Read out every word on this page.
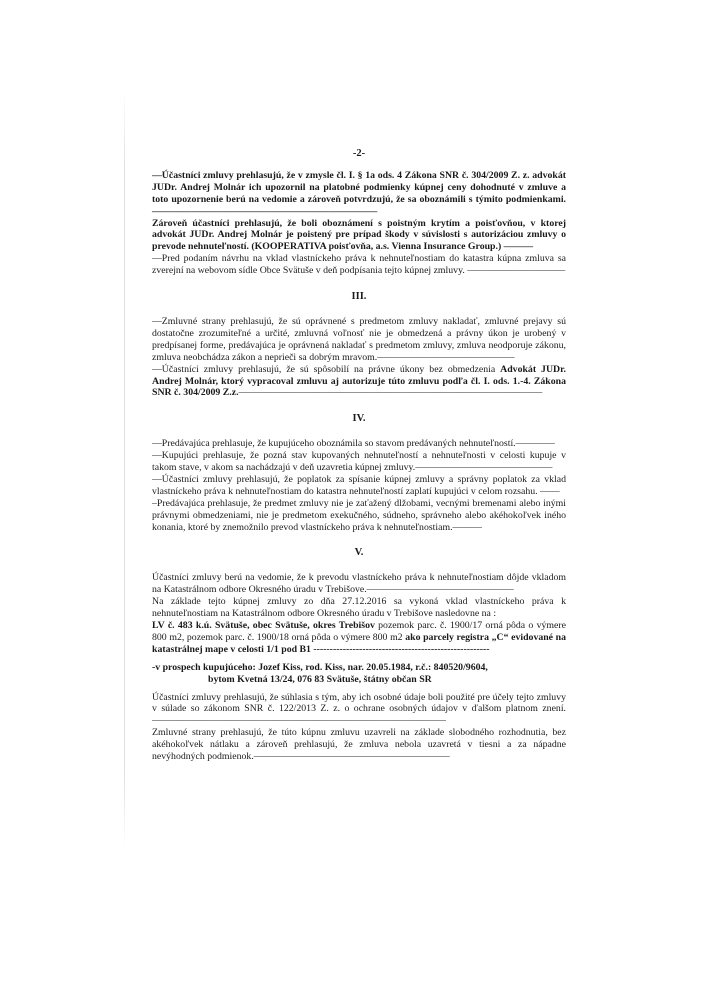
-2-

—Účastníci zmluvy prehlasujú, že v zmysle čl. I. § 1a ods. 4 Zákona SNR č. 304/2009 Z. z. advokát JUDr. Andrej Molnár ich upozornil na platobné podmienky kúpnej ceny dohodnuté v zmluve a toto upozornenie berú na vedomie a zároveň potvrdzujú, že sa oboznámili s týmito podmienkami.———————————————————————

Zároveň účastníci prehlasujú, že boli oboznámení s poistným krytím a poisťovňou, v ktorej advokát JUDr. Andrej Molnár je poistený pre prípad škody v súvislosti s autorizáciou zmluvy o prevode nehnuteľností. (KOOPERATIVA poisťovňa, a.s. Vienna Insurance Group.) ———

—Pred podaním návrhu na vklad vlastníckeho práva k nehnuteľnostiam do katastra kúpna zmluva sa zverejní na webovom sídle Obce Svätuše v deň podpísania tejto kúpnej zmluvy. ——————————

III.

—Zmluvné strany prehlasujú, že sú oprávnené s predmetom zmluvy nakladať, zmluvné prejavy sú dostatočne zrozumiteľné a určité, zmluvná voľnosť nie je obmedzená a právny úkon je urobený v predpísanej forme, predávajúca je oprávnená nakladať s predmetom zmluvy, zmluva neodporuje zákonu, zmluva neobchádza zákon a neprieči sa dobrým mravom.——————————————

—Účastníci zmluvy prehlasujú, že sú spôsobilí na právne úkony bez obmedzenia Advokát JUDr. Andrej Molnár, ktorý vypracoval zmluvu aj autorizuje túto zmluvu podľa čl. I. ods. 1.-4. Zákona SNR č. 304/2009 Z.z.———————————————————————————————

IV.

—Predávajúca prehlasuje, že kupujúceho oboznámila so stavom predávaných nehnuteľností.————

—Kupujúci prehlasuje, že pozná stav kupovaných nehnuteľností a nehnuteľnosti v celosti kupuje v takom stave, v akom sa nachádzajú v deň uzavretia kúpnej zmluvy.——————————————

—Účastníci zmluvy prehlasujú, že poplatok za spísanie kúpnej zmluvy a správny poplatok za vklad vlastníckeho práva k nehnuteľnostiam do katastra nehnuteľností zaplatí kupujúci v celom rozsahu. ——

–Predávajúca prehlasuje, že predmet zmluvy nie je zaťažený dlžobami, vecnými bremenami alebo inými právnymi obmedzeniami, nie je predmetom exekučného, súdneho, správneho alebo akéhokoľvek iného konania, ktoré by znemožnilo prevod vlastníckeho práva k nehnuteľnostiam.———

V.

Účastníci zmluvy berú na vedomie, že k prevodu vlastníckeho práva k nehnuteľnostiam dôjde vkladom na Katastrálnom odbore Okresného úradu v Trebišove.———————————————

Na základe tejto kúpnej zmluvy zo dňa 27.12.2016 sa vykoná vklad vlastníckeho práva k nehnuteľnostiam na Katastrálnom odbore Okresného úradu v Trebišove nasledovne na :

LV č. 483 k.ú. Svätuše, obec Svätuše, okres Trebišov pozemok parc. č. 1900/17 orná pôda o výmere 800 m2, pozemok parc. č. 1900/18 orná pôda o výmere 800 m2 ako parcely registra „C“ evidované na katastrálnej mape v celosti 1/1 pod B1 ------------------------------------------------------

-v prospech kupujúceho: Jozef Kiss, rod. Kiss, nar. 20.05.1984, r.č.: 840520/9604,

bytom Kvetná 13/24, 076 83 Svätuše, štátny občan SR

Účastníci zmluvy prehlasujú, že súhlasia s tým, aby ich osobné údaje boli použité pre účely tejto zmluvy v súlade so zákonom SNR č. 122/2013 Z. z. o ochrane osobných údajov v ďalšom platnom znení.——————————————————————————————

Zmluvné strany prehlasujú, že túto kúpnu zmluvu uzavreli na základe slobodného rozhodnutia, bez akéhokoľvek nátlaku a zároveň prehlasujú, že zmluva nebola uzavretá v tiesni a za nápadne nevýhodných podmienok.————————————————————
